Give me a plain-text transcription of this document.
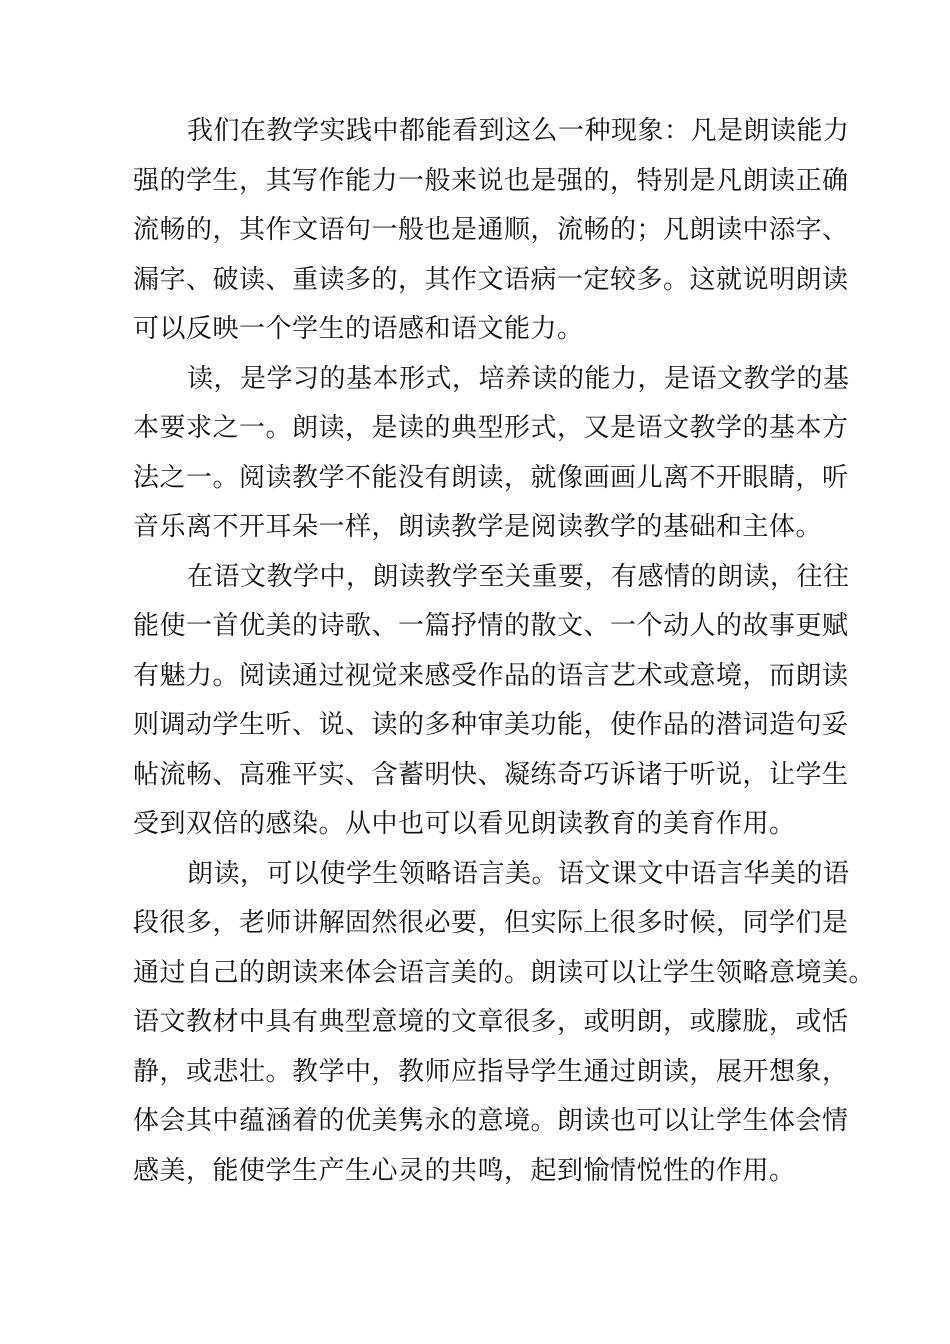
我们在教学实践中都能看到这么一种现象：凡是朗读能力
强的学生，其写作能力一般来说也是强的，特别是凡朗读正确
流畅的，其作文语句一般也是通顺，流畅的；凡朗读中添字、
漏字、破读、重读多的，其作文语病一定较多。这就说明朗读
可以反映一个学生的语感和语文能力。
读，是学习的基本形式，培养读的能力，是语文教学的基
本要求之一。朗读，是读的典型形式，又是语文教学的基本方
法之一。阅读教学不能没有朗读，就像画画儿离不开眼睛，听
音乐离不开耳朵一样，朗读教学是阅读教学的基础和主体。
在语文教学中，朗读教学至关重要，有感情的朗读，往往
能使一首优美的诗歌、一篇抒情的散文、一个动人的故事更赋
有魅力。阅读通过视觉来感受作品的语言艺术或意境，而朗读
则调动学生听、说、读的多种审美功能，使作品的潜词造句妥
帖流畅、高雅平实、含蓄明快、凝练奇巧诉诸于听说，让学生
受到双倍的感染。从中也可以看见朗读教育的美育作用。
朗读，可以使学生领略语言美。语文课文中语言华美的语
段很多，老师讲解固然很必要，但实际上很多时候，同学们是
通过自己的朗读来体会语言美的。朗读可以让学生领略意境美。
语文教材中具有典型意境的文章很多，或明朗，或朦胧，或恬
静，或悲壮。教学中，教师应指导学生通过朗读，展开想象，
体会其中蕴涵着的优美隽永的意境。朗读也可以让学生体会情
感美，能使学生产生心灵的共鸣，起到愉情悦性的作用。
